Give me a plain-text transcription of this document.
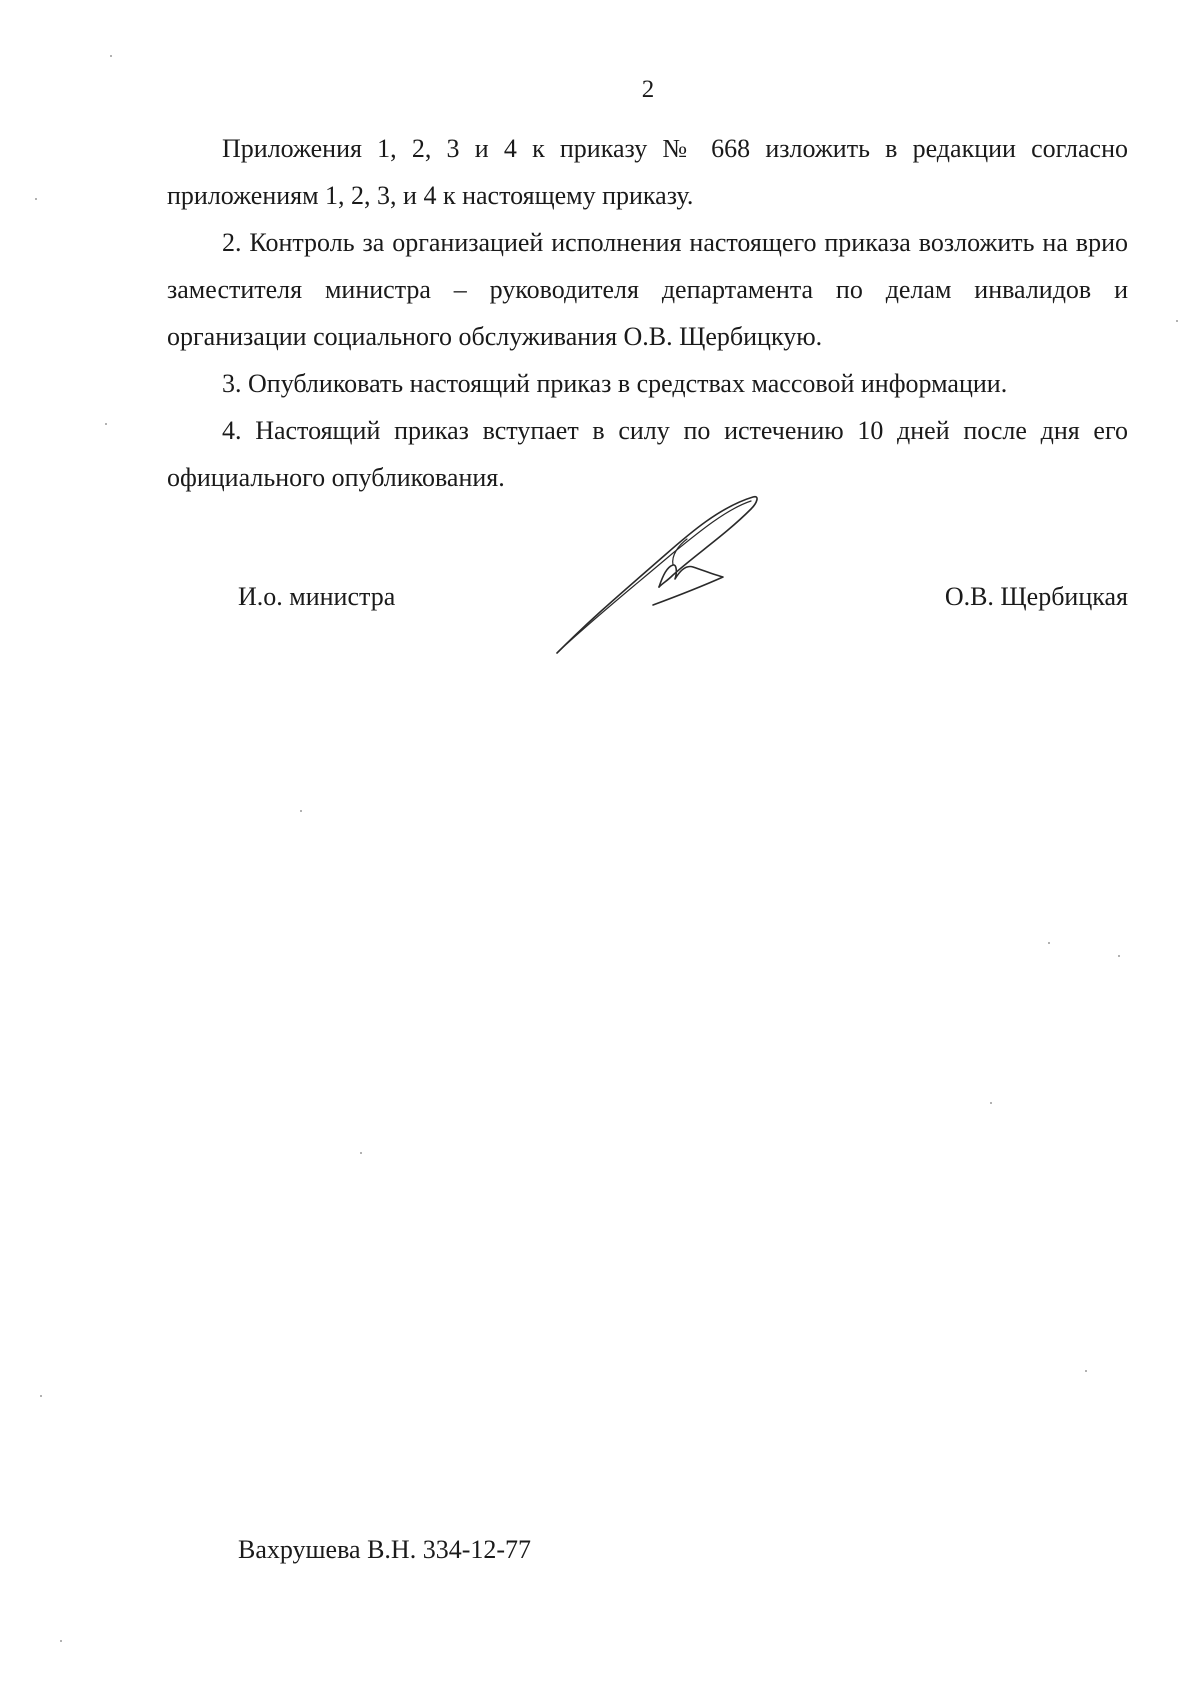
2

Приложения 1, 2, 3 и 4 к приказу № 668 изложить в редакции согласно приложениям 1, 2, 3, и 4 к настоящему приказу.

2. Контроль за организацией исполнения настоящего приказа возложить на врио заместителя министра – руководителя департамента по делам инвалидов и организации социального обслуживания О.В. Щербицкую.

3. Опубликовать настоящий приказ в средствах массовой информации.

4. Настоящий приказ вступает в силу по истечению 10 дней после дня его официального опубликования.

И.о. министра	О.В. Щербицкая
Вахрушева В.Н. 334-12-77
